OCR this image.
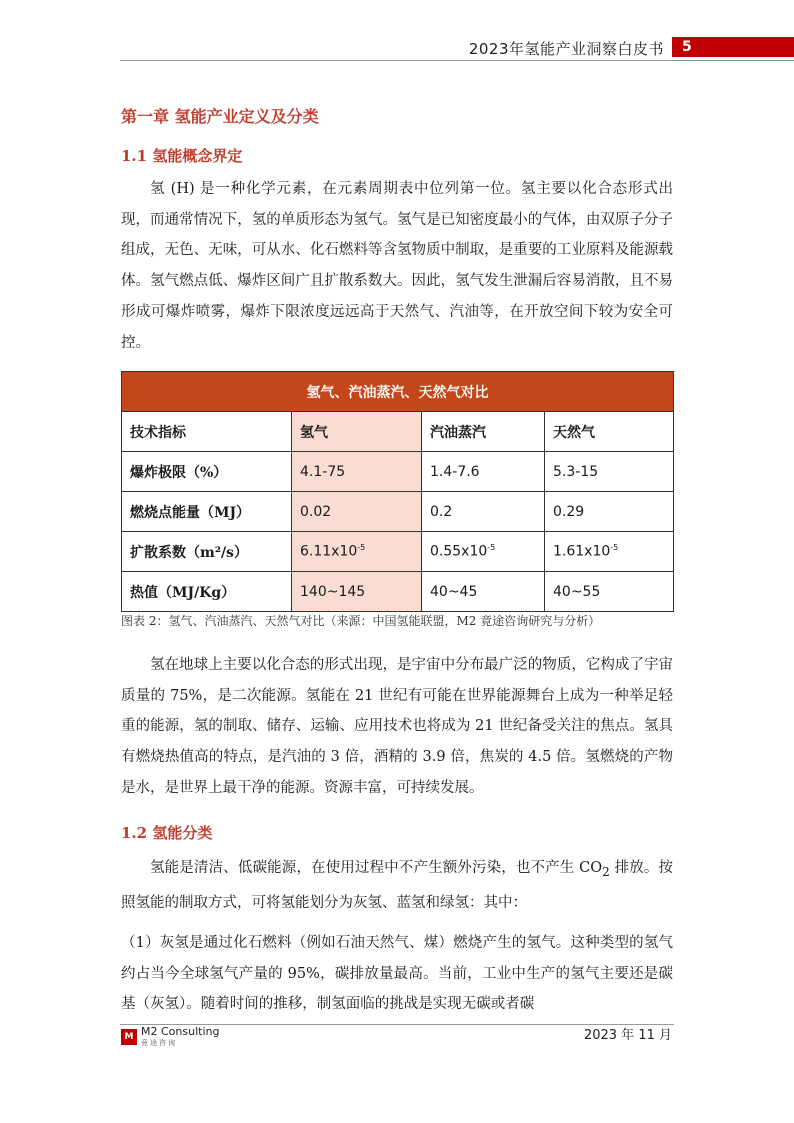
2023年氢能产业洞察白皮书	5
第一章 氢能产业定义及分类
1.1 氢能概念界定

氢 (H) 是一种化学元素，在元素周期表中位列第一位。氢主要以化合态形式出现，而通常情况下，氢的单质形态为氢气。氢气是已知密度最小的气体，由双原子分子组成，无色、无味，可从水、化石燃料等含氢物质中制取，是重要的工业原料及能源载体。氢气燃点低、爆炸区间广且扩散系数大。因此，氢气发生泄漏后容易消散，且不易形成可爆炸喷雾，爆炸下限浓度远远高于天然气、汽油等，在开放空间下较为安全可控。

氢气、汽油蒸汽、天然气对比			
技术指标	氢气	汽油蒸汽	天然气
爆炸极限（%）	4.1-75	1.4-7.6	5.3-15
燃烧点能量（MJ）	0.02	0.2	0.29
扩散系数（m²/s）	$6.11x10^{-5}$	$0.55x10^{-5}$	$1.61x10^{-5}$
热值（MJ/Kg）	140~145	40~45	40~55
图表 2：氢气、汽油蒸汽、天然气对比（来源：中国氢能联盟，M2 竟途咨询研究与分析）

氢在地球上主要以化合态的形式出现，是宇宙中分布最广泛的物质，它构成了宇宙质量的 75%，是二次能源。氢能在 21 世纪有可能在世界能源舞台上成为一种举足轻重的能源，氢的制取、储存、运输、应用技术也将成为 21 世纪备受关注的焦点。氢具有燃烧热值高的特点，是汽油的 3 倍，酒精的 3.9 倍，焦炭的 4.5 倍。氢燃烧的产物是水，是世界上最干净的能源。资源丰富，可持续发展。

1.2 氢能分类

氢能是清洁、低碳能源，在使用过程中不产生额外污染，也不产生 $CO_2$ 排放。按照氢能的制取方式，可将氢能划分为灰氢、蓝氢和绿氢：其中：

（1）灰氢是通过化石燃料（例如石油天然气、煤）燃烧产生的氢气。这种类型的氢气约占当今全球氢气产量的 95%，碳排放量最高。当前，工业中生产的氢气主要还是碳基（灰氢）。随着时间的推移，制氢面临的挑战是实现无碳或者碳

M M2 Consulting
竟途咨询	2023 年 11 月
